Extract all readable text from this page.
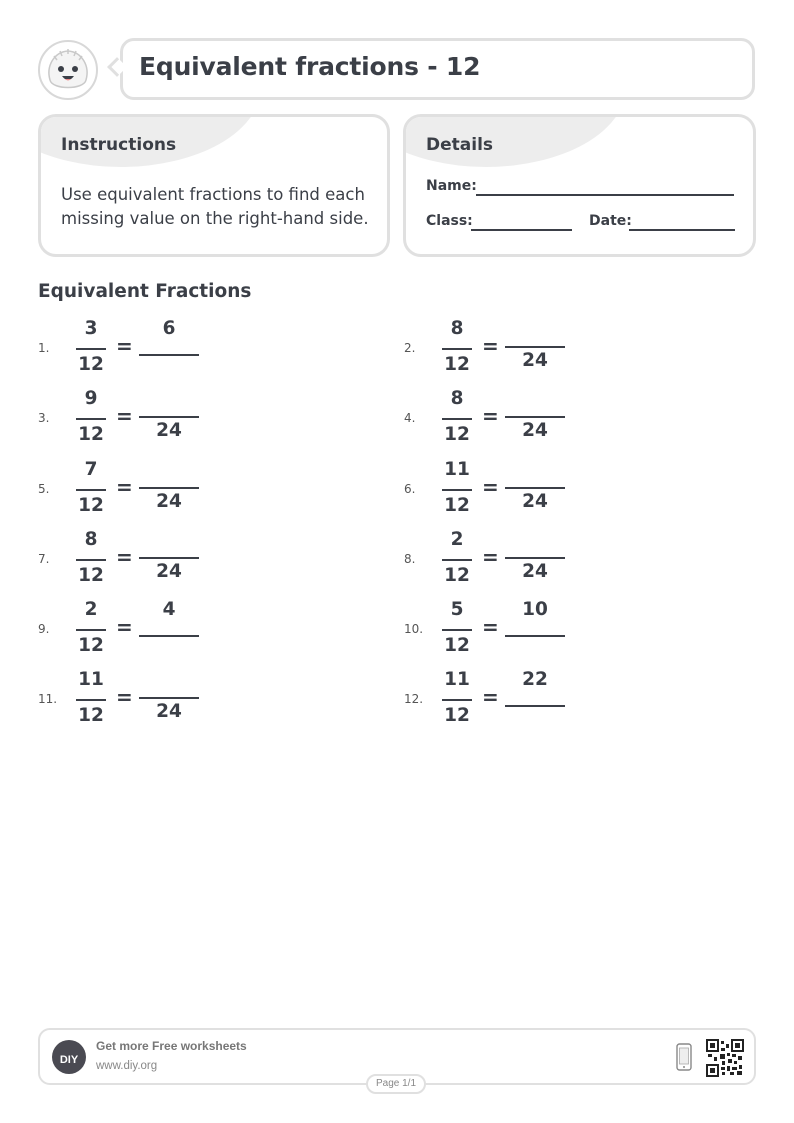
Equivalent fractions - 12
Instructions
Use equivalent fractions to find each missing value on the right-hand side.
Details
Name:
Class:	Date:
Equivalent Fractions
1.
3
12
=
6
2.
8
12
=
24
3.
9
12
=
24
4.
8
12
=
24
5.
7
12
=
24
6.
11
12
=
24
7.
8
12
=
24
8.
2
12
=
24
9.
2
12
=
4
10.
5
12
=
10
11.
11
12
=
24
12.
11
12
=
22
DIY
Get more Free worksheets
www.diy.org
Page 1/1
